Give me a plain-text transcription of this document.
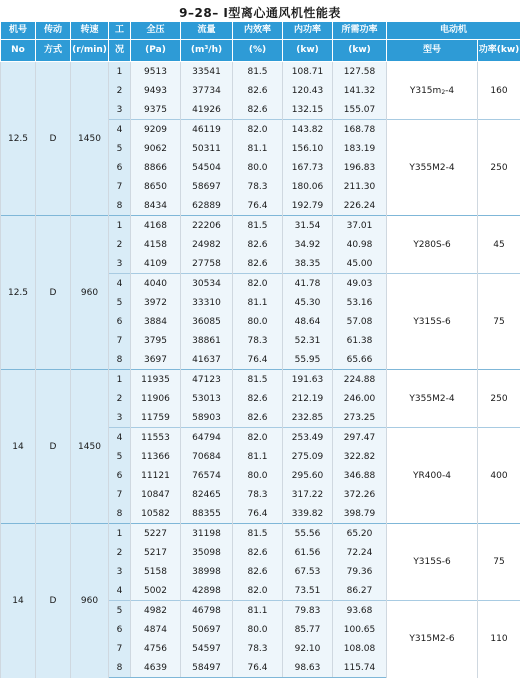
9–28– Ⅰ型离心通风机性能表
机号	传动	转速	工	全压	流量	内效率	内功率	所需功率	电动机	
No	方式	(r/min)	况	(Pa)	(m³/h)	(%)	(kw)	(kw)	型号	功率(kw)
12.5	D	1450	1	9513	33541	81.5	108.71	127.58	$Y315m_2-4$	160
			2	9493	37734	82.6	120.43	141.32		
			3	9375	41926	82.6	132.15	155.07		
			4	9209	46119	82.0	143.82	168.78	Y355M2-4	250
			5	9062	50311	81.1	156.10	183.19		
			6	8866	54504	80.0	167.73	196.83		
			7	8650	58697	78.3	180.06	211.30		
			8	8434	62889	76.4	192.79	226.24		
12.5	D	960	1	4168	22206	81.5	31.54	37.01	Y280S-6	45
			2	4158	24982	82.6	34.92	40.98		
			3	4109	27758	82.6	38.35	45.00		
			4	4040	30534	82.0	41.78	49.03	Y315S-6	75
			5	3972	33310	81.1	45.30	53.16		
			6	3884	36085	80.0	48.64	57.08		
			7	3795	38861	78.3	52.31	61.38		
			8	3697	41637	76.4	55.95	65.66		
14	D	1450	1	11935	47123	81.5	191.63	224.88	Y355M2-4	250
			2	11906	53013	82.6	212.19	246.00		
			3	11759	58903	82.6	232.85	273.25		
			4	11553	64794	82.0	253.49	297.47	YR400-4	400
			5	11366	70684	81.1	275.09	322.82		
			6	11121	76574	80.0	295.60	346.88		
			7	10847	82465	78.3	317.22	372.26		
			8	10582	88355	76.4	339.82	398.79		
14	D	960	1	5227	31198	81.5	55.56	65.20	Y315S-6	75
			2	5217	35098	82.6	61.56	72.24		
			3	5158	38998	82.6	67.53	79.36		
			4	5002	42898	82.0	73.51	86.27		
			5	4982	46798	81.1	79.83	93.68	Y315M2-6	110
			6	4874	50697	80.0	85.77	100.65		
			7	4756	54597	78.3	92.10	108.08		
			8	4639	58497	76.4	98.63	115.74		
